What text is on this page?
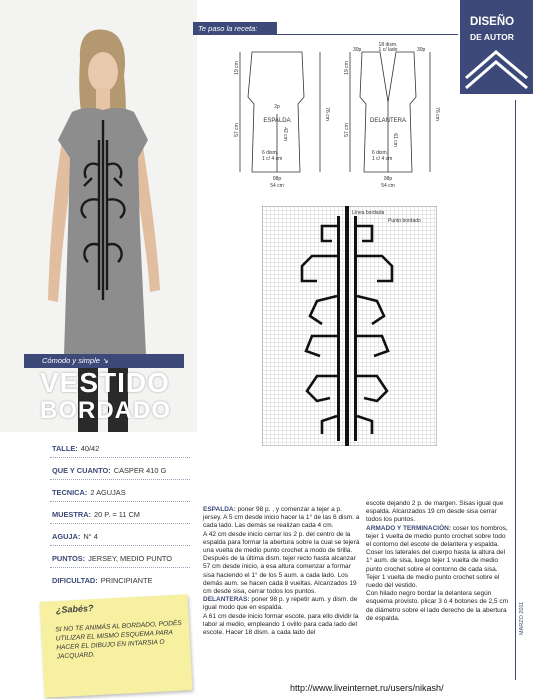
Cómodo y simple ↘
VESTIDO
BORDADO
TALLE: 40/42
QUE Y CUANTO: CASPER 410 G
TECNICA: 2 AGUJAS
MUESTRA: 20 P. = 11 CM
AGUJA: N° 4
PUNTOS: JERSEY, MEDIO PUNTO
DIFICULTAD: PRINCIPIANTE
¿Sabés?
SI NO TE ANIMÁS AL BORDADO, PODÉS UTILIZAR EL MISMO ESQUEMA PARA HACER EL DIBUJO EN INTARSIA O JACQUARD.
Te paso la receta:
DISEÑO
DE AUTOR
19 cm
57 cm
76 cm
2p
ESPALDA
42 cm
6 dism.
1 c/ 4 cm
98p
54 cm
18 dism.
1 c/ lado
30p	30p
19 cm
57 cm
76 cm
DELANTERA
61 cm
6 dism.
1 c/ 4 cm
98p
54 cm
Línea bordada
Punto bordado
MARZO 2011

ESPALDA: poner 98 p. , y comenzar a tejer a p. jersey. A 5 cm desde inicio hacer la 1° de las 6 dism. a cada lado. Las demás se realizan cada 4 cm.

A 42 cm desde inicio cerrar los 2 p. del centro de la espalda para formar la abertura sobre la cual se tejerá una vuelta de medio punto crochet a modo de tirilla. Después de la última dism. tejer recto hasta alcanzar 57 cm desde inicio, a esa altura comenzar a formar sisa haciendo el 1° de los 5 aum. a cada lado. Los demás aum. se hacen cada 8 vueltas. Alcanzados 19 cm desde sisa, cerrar todos los puntos.

DELANTERAS: poner 98 p. y repetir aum. y dism. de igual modo que en espalda.

A 61 cm desde inicio formar escote, para ello dividir la labor al medio, empleando 1 ovillo para cada lado del escote. Hacer 18 dism. a cada lado del

escote dejando 2 p. de margen. Sisas igual que espalda. Alcanzados 19 cm desde sisa cerrar todos los puntos.

ARMADO Y TERMINACIÓN: coser los hombros, tejer 1 vuelta de medio punto crochet sobre todo el contorno del escote de delantera y espalda.

Coser los laterales del cuerpo hasta la altura del 1° aum. de sisa, luego tejer 1 vuelta de medio punto crochet sobre el contorno de cada sisa. Tejer 1 vuelta de medio punto crochet sobre el ruedo del vestido.

Con hilado negro bordar la delantera según esquema provisto. plicar 3 ó 4 botones de 2,5 cm de diámetro sobre el lado derecho de la abertura de espalda.

http://www.liveinternet.ru/users/nikash/
